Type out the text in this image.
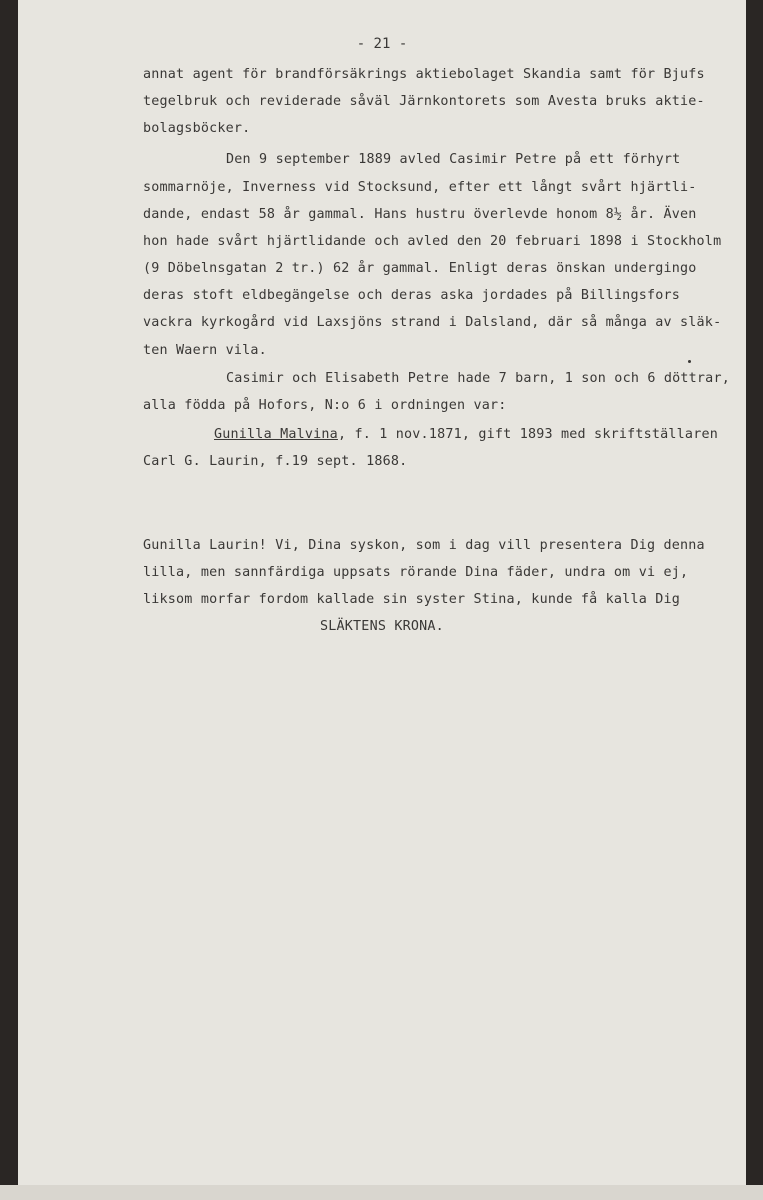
- 21 -
annat agent för brandförsäkrings aktiebolaget Skandia samt för Bjufs
tegelbruk och reviderade såväl Järnkontorets som Avesta bruks aktie-
bolagsböcker.
Den 9 september 1889 avled Casimir Petre på ett förhyrt
sommarnöje, Inverness vid Stocksund, efter ett långt svårt hjärtli-
dande, endast 58 år gammal. Hans hustru överlevde honom 8½ år. Även
hon hade svårt hjärtlidande och avled den 20 februari 1898 i Stockholm
(9 Döbelnsgatan 2 tr.) 62 år gammal. Enligt deras önskan undergingo
deras stoft eldbegängelse och deras aska jordades på Billingsfors
vackra kyrkogård vid Laxsjöns strand i Dalsland, där så många av släk-
ten Waern vila.
Casimir och Elisabeth Petre hade 7 barn, 1 son och 6 döttrar,
alla födda på Hofors, N:o 6 i ordningen var:
Gunilla Malvina, f. 1 nov.1871, gift 1893 med skriftställaren
Carl G. Laurin, f.19 sept. 1868.
Gunilla Laurin! Vi, Dina syskon, som i dag vill presentera Dig denna
lilla, men sannfärdiga uppsats rörande Dina fäder, undra om vi ej,
liksom morfar fordom kallade sin syster Stina, kunde få kalla Dig
SLÄKTENS KRONA.
